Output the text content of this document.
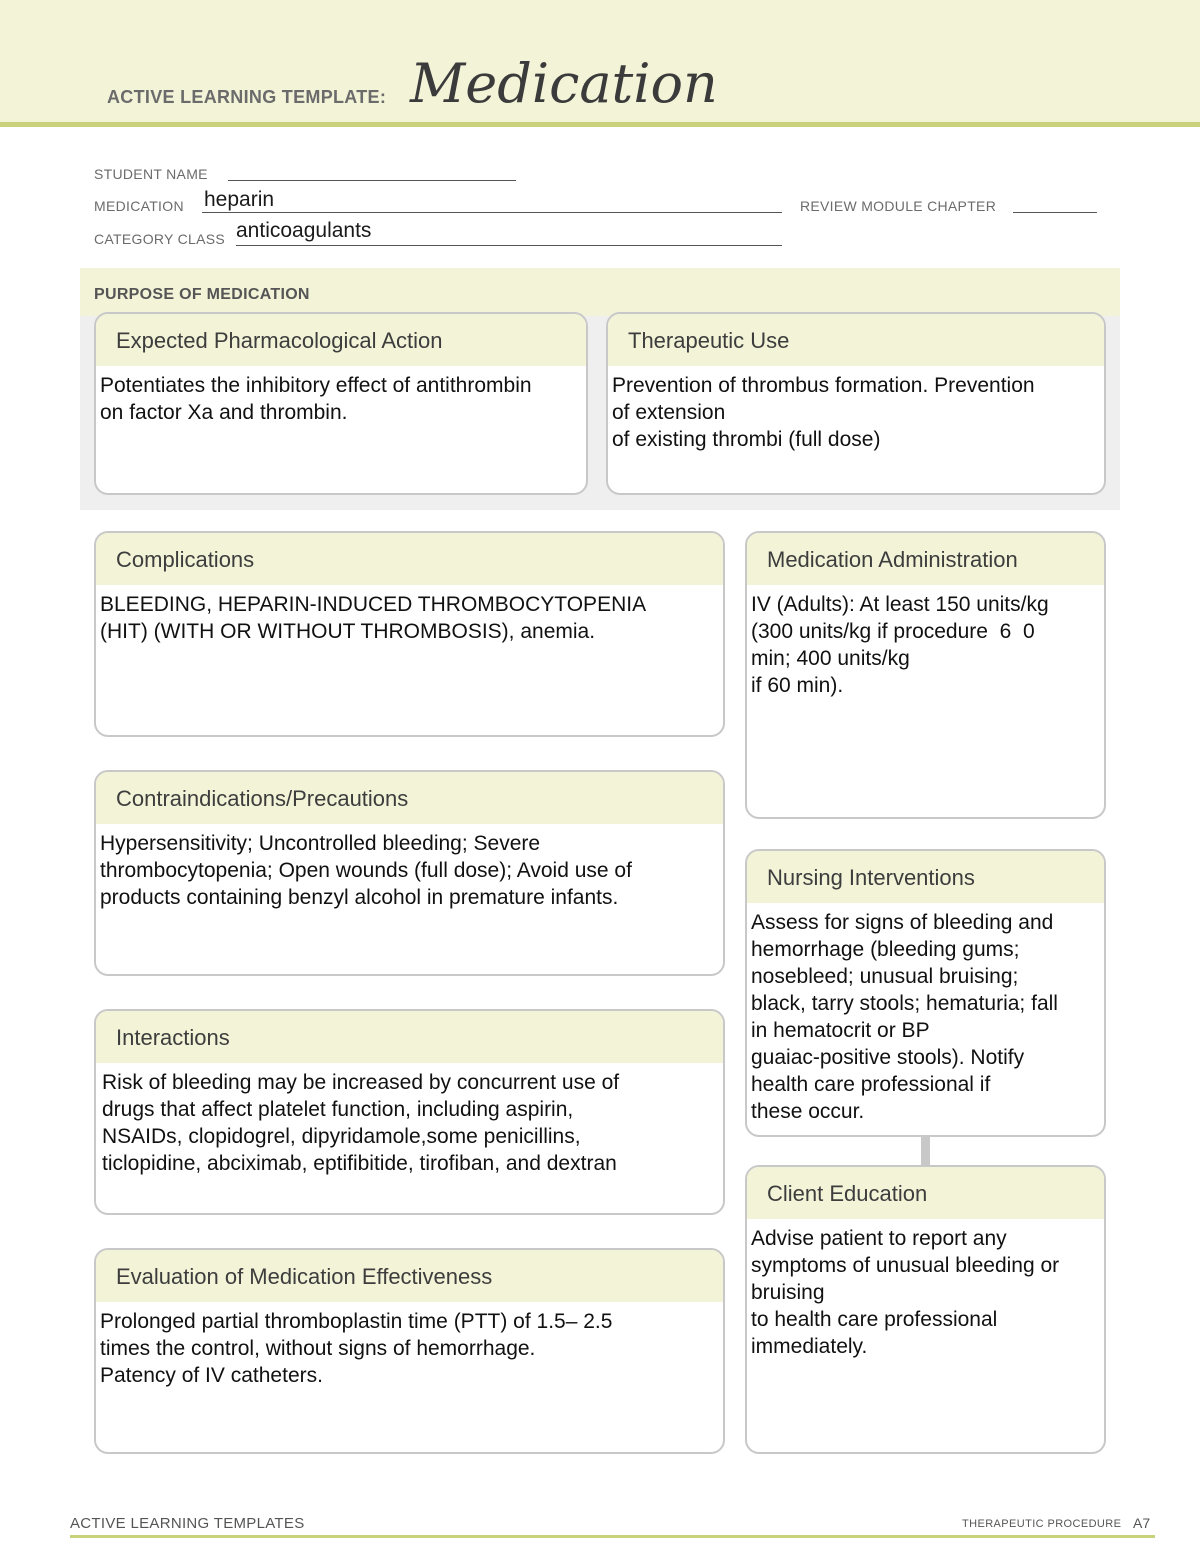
ACTIVE LEARNING TEMPLATE: Medication
STUDENT NAME
MEDICATION heparin	REVIEW MODULE CHAPTER
CATEGORY CLASS anticoagulants
PURPOSE OF MEDICATION
Expected Pharmacological Action
Potentiates the inhibitory effect of antithrombin
on factor Xa and thrombin.
Therapeutic Use
Prevention of thrombus formation. Prevention
of extension
of existing thrombi (full dose)
Complications
BLEEDING, HEPARIN-INDUCED THROMBOCYTOPENIA
(HIT) (WITH OR WITHOUT THROMBOSIS), anemia.
Contraindications/Precautions
Hypersensitivity; Uncontrolled bleeding; Severe
thrombocytopenia; Open wounds (full dose); Avoid use of
products containing benzyl alcohol in premature infants.
Interactions
Risk of bleeding may be increased by concurrent use of
drugs that affect platelet function, including aspirin,
NSAIDs, clopidogrel, dipyridamole,some penicillins,
ticlopidine, abciximab, eptifibitide, tirofiban, and dextran
Evaluation of Medication Effectiveness
Prolonged partial thromboplastin time (PTT) of 1.5– 2.5
times the control, without signs of hemorrhage.
Patency of IV catheters.
Medication Administration
IV (Adults): At least 150 units/kg
(300 units/kg if procedure  6  0
min; 400 units/kg
if 60 min).
Nursing Interventions
Assess for signs of bleeding and
hemorrhage (bleeding gums;
nosebleed; unusual bruising;
black, tarry stools; hematuria; fall
in hematocrit or BP
guaiac-positive stools). Notify
health care professional if
these occur.
Client Education
Advise patient to report any
symptoms of unusual bleeding or
bruising
to health care professional
immediately.
ACTIVE LEARNING TEMPLATES	THERAPEUTIC PROCEDURE A7
